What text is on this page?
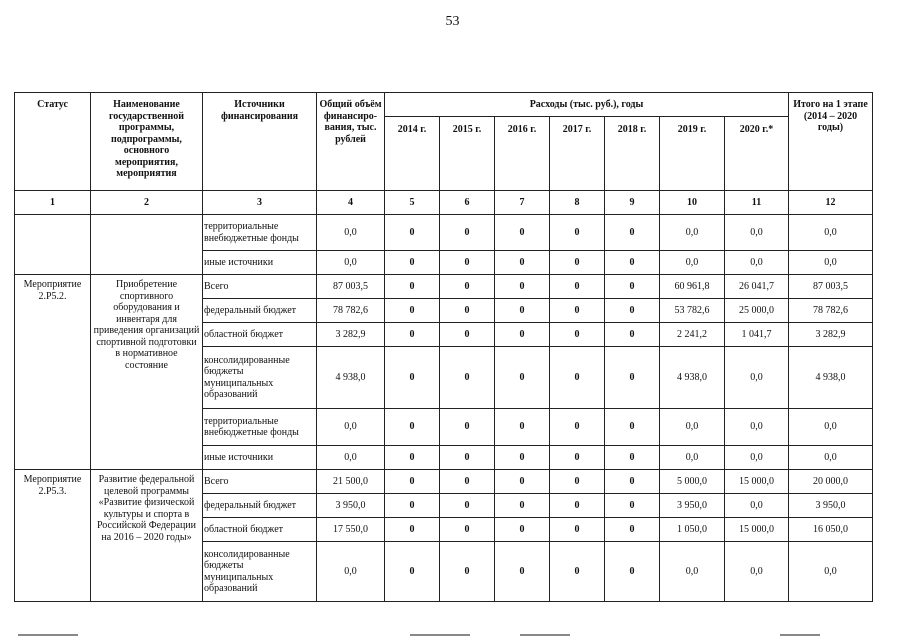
53
Статус	Наименование государственной программы, подпрограммы, основного мероприятия, мероприятия	Источники финансирования	Общий объём финансиро-вания, тыс. рублей	Расходы (тыс. руб.), годы							Итого на 1 этапе (2014 – 2020 годы)
				2014 г.	2015 г.	2016 г.	2017 г.	2018 г.	2019 г.	2020 г.*	
1	2	3	4	5	6	7	8	9	10	11	12
		территориальные внебюджетные фонды	0,0	0	0	0	0	0	0,0	0,0	0,0
		иные источники	0,0	0	0	0	0	0	0,0	0,0	0,0
Мероприятие 2.Р5.2.	Приобретение спортивного оборудования и инвентаря для приведения организаций спортивной подготовки в нормативное состояние	Всего	87 003,5	0	0	0	0	0	60 961,8	26 041,7	87 003,5
		федеральный бюджет	78 782,6	0	0	0	0	0	53 782,6	25 000,0	78 782,6
		областной бюджет	3 282,9	0	0	0	0	0	2 241,2	1 041,7	3 282,9
		консолидированные бюджеты муниципальных образований	4 938,0	0	0	0	0	0	4 938,0	0,0	4 938,0
		территориальные внебюджетные фонды	0,0	0	0	0	0	0	0,0	0,0	0,0
		иные источники	0,0	0	0	0	0	0	0,0	0,0	0,0
Мероприятие 2.Р5.3.	Развитие федеральной целевой программы «Развитие физической культуры и спорта в Российской Федерации на 2016 – 2020 годы»	Всего	21 500,0	0	0	0	0	0	5 000,0	15 000,0	20 000,0
		федеральный бюджет	3 950,0	0	0	0	0	0	3 950,0	0,0	3 950,0
		областной бюджет	17 550,0	0	0	0	0	0	1 050,0	15 000,0	16 050,0
		консолидированные бюджеты муниципальных образований	0,0	0	0	0	0	0	0,0	0,0	0,0
